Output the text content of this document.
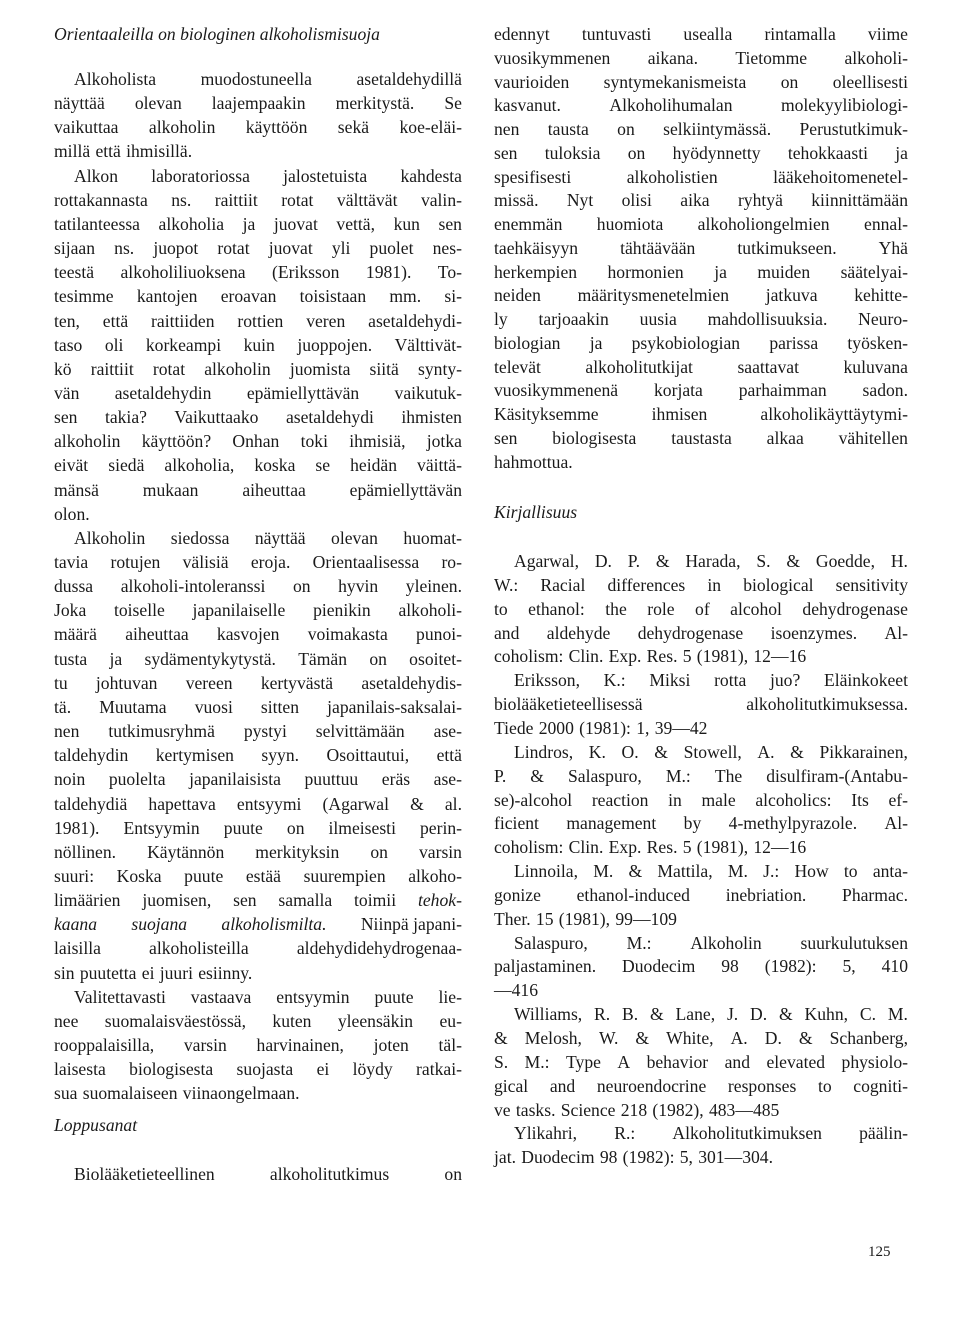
Orientaaleilla on biologinen alkoholismisuoja
Alkoholista	muodostuneella	asetaldehydillä
näyttää olevan laajempaakin merkitystä. Se
vaikuttaa alkoholin käyttöön sekä koe-eläi-
millä että ihmisillä.
Alkon laboratoriossa jalostetuista kahdesta
rottakannasta ns. raittiit rotat välttävät valin-
tatilanteessa alkoholia ja juovat vettä, kun sen
sijaan ns. juopot rotat juovat yli puolet nes-
teestä alkoholiliuoksena (Eriksson 1981). To-
tesimme kantojen eroavan toisistaan mm. si-
ten, että raittiiden rottien veren asetaldehydi-
taso oli korkeampi kuin juoppojen. Välttivät-
kö raittiit rotat alkoholin juomista siitä synty-
vän asetaldehydin epämiellyttävän vaikutuk-
sen takia? Vaikuttaako asetaldehydi ihmisten
alkoholin käyttöön? Onhan toki ihmisiä, jotka
eivät siedä alkoholia, koska se heidän väittä-
mänsä mukaan aiheuttaa epämiellyttävän
olon.
Alkoholin siedossa näyttää olevan huomat-
tavia rotujen välisiä eroja. Orientaalisessa ro-
dussa alkoholi-intoleranssi on hyvin yleinen.
Joka toiselle japanilaiselle pienikin alkoholi-
määrä aiheuttaa kasvojen voimakasta punoi-
tusta ja sydämentykytystä. Tämän on osoitet-
tu johtuvan vereen kertyvästä asetaldehydis-
tä. Muutama vuosi sitten japanilais-saksalai-
nen tutkimusryhmä pystyi selvittämään ase-
taldehydin kertymisen syyn. Osoittautui, että
noin puolelta japanilaisista puuttuu eräs ase-
taldehydiä hapettava entsyymi (Agarwal & al.
1981). Entsyymin puute on ilmeisesti perin-
nöllinen. Käytännön merkityksin on varsin
suuri: Koska puute estää suurempien alkoho-
limäärien juomisen, sen samalla toimii tehok-
kaana suojana alkoholismilta. Niinpä japani-
laisilla	alkoholisteilla	aldehydidehydrogenaa-
sin puutetta ei juuri esiinny.
Valitettavasti vastaava entsyymin puute lie-
nee suomalaisväestössä, kuten yleensäkin eu-
rooppalaisilla, varsin harvinainen, joten täl-
laisesta biologisesta suojasta ei löydy ratkai-
sua suomalaiseen viinaongelmaan.
Loppusanat
Biolääketieteellinen	alkoholitutkimus	on
edennyt tuntuvasti usealla rintamalla viime
vuosikymmenen aikana. Tietomme alkoholi-
vaurioiden syntymekanismeista on oleellisesti
kasvanut.	Alkoholihumalan	molekyylibiologi-
nen tausta on selkiintymässä. Perustutkimuk-
sen tuloksia on hyödynnetty tehokkaasti ja
spesifisesti	alkoholistien	lääkehoitomenetel-
missä. Nyt olisi aika ryhtyä kiinnittämään
enemmän huomiota alkoholiongelmien ennal-
taehkäisyyn tähtäävään tutkimukseen. Yhä
herkempien hormonien ja muiden säätelyai-
neiden määritysmenetelmien jatkuva kehitte-
ly tarjoaakin uusia mahdollisuuksia. Neuro-
biologian ja psykobiologian parissa työsken-
televät	alkoholitutkijat	saattavat	kuluvana
vuosikymmenenä korjata parhaimman sadon.
Käsityksemme	ihmisen	alkoholikäyttäytymi-
sen biologisesta taustasta alkaa vähitellen
hahmottua.
Kirjallisuus
Agarwal, D. P. & Harada, S. & Goedde, H.
W.: Racial differences in biological sensitivity
to ethanol: the role of alcohol dehydrogenase
and aldehyde dehydrogenase isoenzymes. Al-
coholism: Clin. Exp. Res. 5 (1981), 12—16
Eriksson, K.: Miksi rotta juo? Eläinkokeet
biolääketieteellisessä	alkoholitutkimuksessa.
Tiede 2000 (1981): 1, 39—42
Lindros, K. O. & Stowell, A. & Pikkarainen,
P. & Salaspuro, M.: The disulfiram-(Antabu-
se)-alcohol reaction in male alcoholics: Its ef-
ficient management by 4-methylpyrazole. Al-
coholism: Clin. Exp. Res. 5 (1981), 12—16
Linnoila, M. & Mattila, M. J.: How to anta-
gonize ethanol-induced inebriation. Pharmac.
Ther. 15 (1981), 99—109
Salaspuro, M.: Alkoholin suurkulutuksen
paljastaminen. Duodecim 98 (1982): 5, 410
—416
Williams, R. B. & Lane, J. D. & Kuhn, C. M.
& Melosh, W. & White, A. D. & Schanberg,
S. M.: Type A behavior and elevated physiolo-
gical and neuroendocrine responses to cogniti-
ve tasks. Science 218 (1982), 483—485
Ylikahri, R.: Alkoholitutkimuksen päälin-
jat. Duodecim 98 (1982): 5, 301—304.
125
